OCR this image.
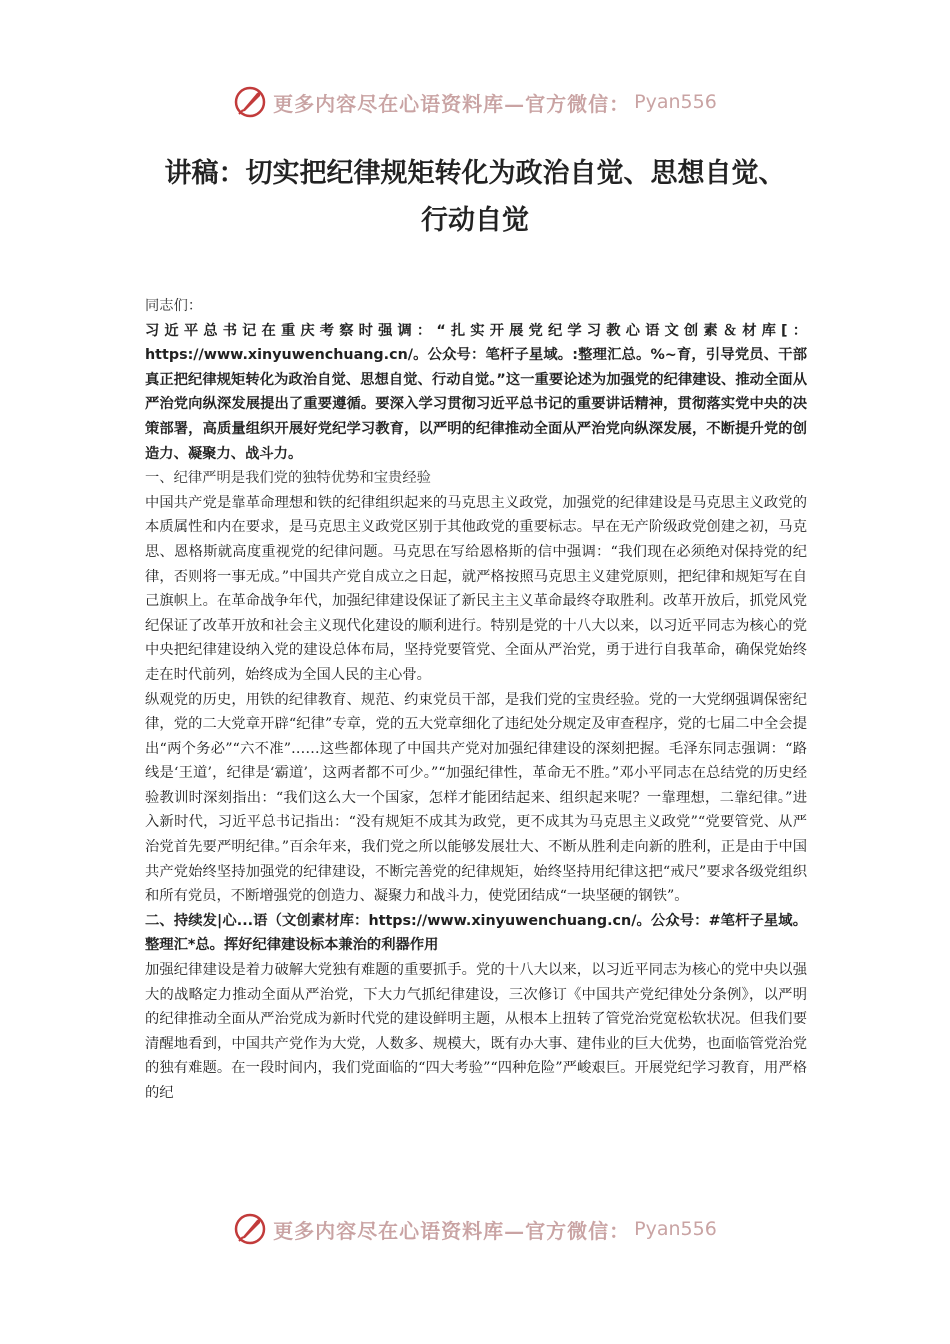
更多内容尽在心语资料库—官方微信： Pyan556
讲稿：切实把纪律规矩转化为政治自觉、思想自觉、
行动自觉

同志们：

习近平总书记在重庆考察时强调：“扎实开展党纪学习教心语文创素＆材库[：https://www.xinyuwenchuang.cn/。公众号：笔杆子星域。:整理汇总。%~育，引导党员、干部真正把纪律规矩转化为政治自觉、思想自觉、行动自觉。”这一重要论述为加强党的纪律建设、推动全面从严治党向纵深发展提出了重要遵循。要深入学习贯彻习近平总书记的重要讲话精神，贯彻落实党中央的决策部署，高质量组织开展好党纪学习教育，以严明的纪律推动全面从严治党向纵深发展，不断提升党的创造力、凝聚力、战斗力。

一、纪律严明是我们党的独特优势和宝贵经验

中国共产党是靠革命理想和铁的纪律组织起来的马克思主义政党，加强党的纪律建设是马克思主义政党的本质属性和内在要求，是马克思主义政党区别于其他政党的重要标志。早在无产阶级政党创建之初，马克思、恩格斯就高度重视党的纪律问题。马克思在写给恩格斯的信中强调：“我们现在必须绝对保持党的纪律，否则将一事无成。”中国共产党自成立之日起，就严格按照马克思主义建党原则，把纪律和规矩写在自己旗帜上。在革命战争年代，加强纪律建设保证了新民主主义革命最终夺取胜利。改革开放后，抓党风党纪保证了改革开放和社会主义现代化建设的顺利进行。特别是党的十八大以来，以习近平同志为核心的党中央把纪律建设纳入党的建设总体布局，坚持党要管党、全面从严治党，勇于进行自我革命，确保党始终走在时代前列，始终成为全国人民的主心骨。

纵观党的历史，用铁的纪律教育、规范、约束党员干部，是我们党的宝贵经验。党的一大党纲强调保密纪律，党的二大党章开辟“纪律”专章，党的五大党章细化了违纪处分规定及审查程序，党的七届二中全会提出“两个务必”“六不准”……这些都体现了中国共产党对加强纪律建设的深刻把握。毛泽东同志强调：“路线是‘王道’，纪律是‘霸道’，这两者都不可少。”“加强纪律性，革命无不胜。”邓小平同志在总结党的历史经验教训时深刻指出：“我们这么大一个国家，怎样才能团结起来、组织起来呢？一靠理想，二靠纪律。”进入新时代，习近平总书记指出：“没有规矩不成其为政党，更不成其为马克思主义政党”“党要管党、从严治党首先要严明纪律。”百余年来，我们党之所以能够发展壮大、不断从胜利走向新的胜利，正是由于中国共产党始终坚持加强党的纪律建设，不断完善党的纪律规矩，始终坚持用纪律这把“戒尺”要求各级党组织和所有党员，不断增强党的创造力、凝聚力和战斗力，使党团结成“一块坚硬的钢铁”。

二、持续发|心...语（文创素材库：https://www.xinyuwenchuang.cn/。公众号：#笔杆子星域。整理汇*总。挥好纪律建设标本兼治的利器作用

加强纪律建设是着力破解大党独有难题的重要抓手。党的十八大以来，以习近平同志为核心的党中央以强大的战略定力推动全面从严治党，下大力气抓纪律建设，三次修订《中国共产党纪律处分条例》，以严明的纪律推动全面从严治党成为新时代党的建设鲜明主题，从根本上扭转了管党治党宽松软状况。但我们要清醒地看到，中国共产党作为大党，人数多、规模大，既有办大事、建伟业的巨大优势，也面临管党治党的独有难题。在一段时间内，我们党面临的“四大考验”“四种危险”严峻艰巨。开展党纪学习教育，用严格的纪

更多内容尽在心语资料库—官方微信： Pyan556
